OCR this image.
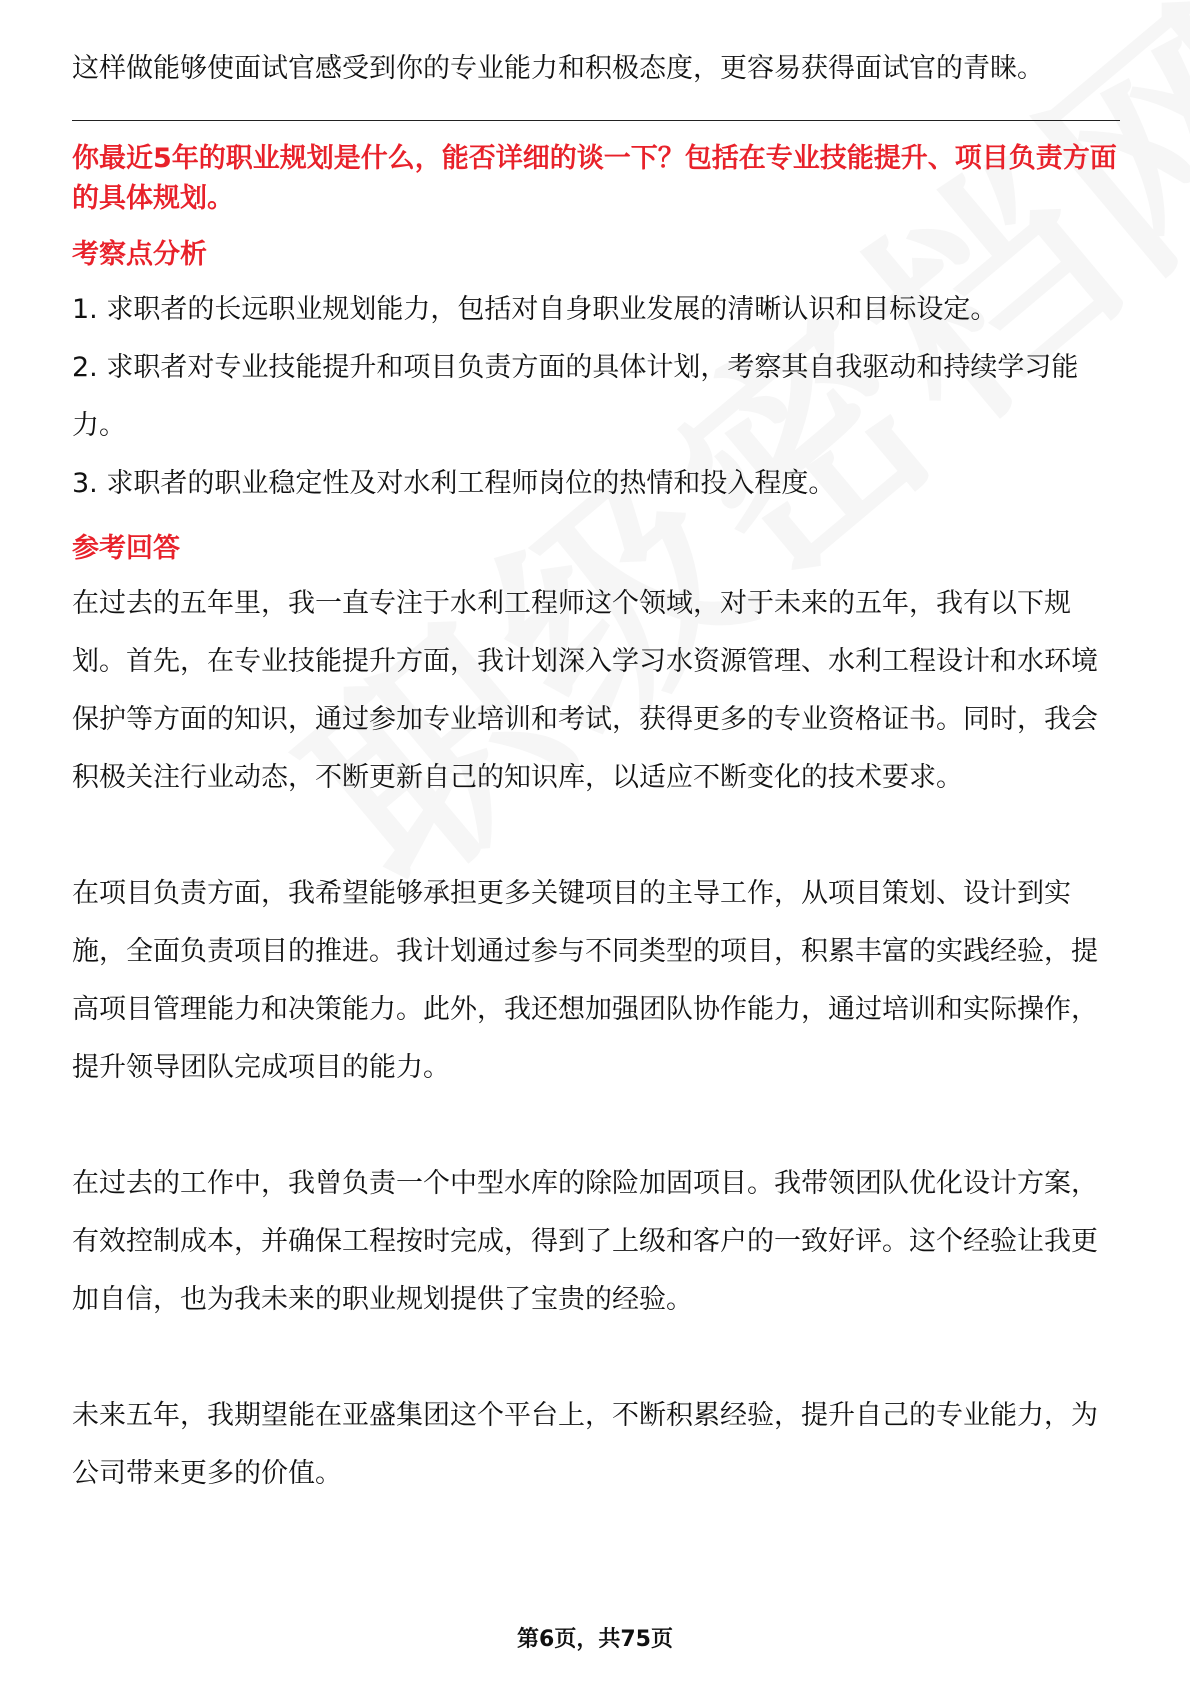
这样做能够使面试官感受到你的专业能力和积极态度，更容易获得面试官的青睐。

你最近5年的职业规划是什么，能否详细的谈一下？包括在专业技能提升、项目负责方面的具体规划。

考察点分析

1. 求职者的长远职业规划能力，包括对自身职业发展的清晰认识和目标设定。

2. 求职者对专业技能提升和项目负责方面的具体计划，考察其自我驱动和持续学习能力。

3. 求职者的职业稳定性及对水利工程师岗位的热情和投入程度。

参考回答

在过去的五年里，我一直专注于水利工程师这个领域，对于未来的五年，我有以下规划。首先，在专业技能提升方面，我计划深入学习水资源管理、水利工程设计和水环境保护等方面的知识，通过参加专业培训和考试，获得更多的专业资格证书。同时，我会积极关注行业动态，不断更新自己的知识库，以适应不断变化的技术要求。

在项目负责方面，我希望能够承担更多关键项目的主导工作，从项目策划、设计到实施，全面负责项目的推进。我计划通过参与不同类型的项目，积累丰富的实践经验，提高项目管理能力和决策能力。此外，我还想加强团队协作能力，通过培训和实际操作，提升领导团队完成项目的能力。

在过去的工作中，我曾负责一个中型水库的除险加固项目。我带领团队优化设计方案，有效控制成本，并确保工程按时完成，得到了上级和客户的一致好评。这个经验让我更加自信，也为我未来的职业规划提供了宝贵的经验。

未来五年，我期望能在亚盛集团这个平台上，不断积累经验，提升自己的专业能力，为公司带来更多的价值。

第6页，共75页
